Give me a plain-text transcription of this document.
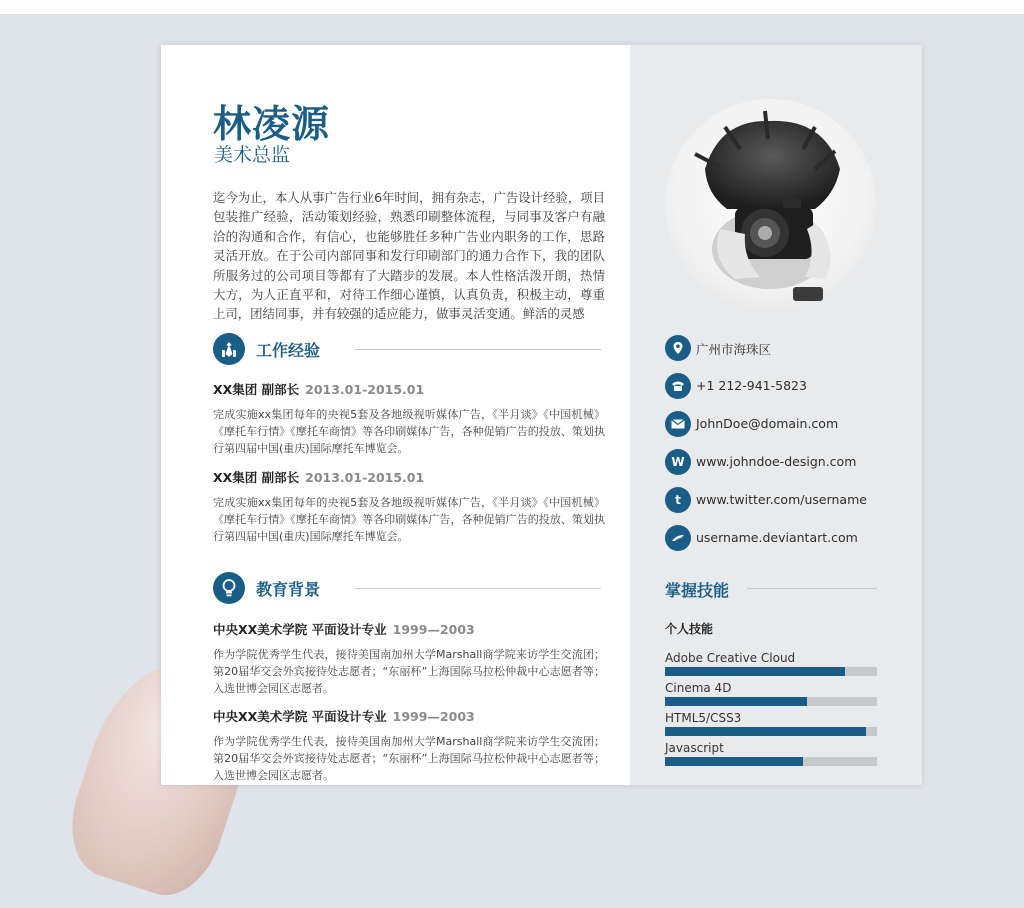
林凌源
美术总监
迄今为止，本人从事广告行业6年时间，拥有杂志，广告设计经验，项目包装推广经验，活动策划经验，熟悉印刷整体流程，与同事及客户有融洽的沟通和合作，有信心，也能够胜任多种广告业内职务的工作，思路灵活开放。在于公司内部同事和发行印刷部门的通力合作下，我的团队所服务过的公司项目等都有了大踏步的发展。本人性格活泼开朗，热情大方，为人正直平和，对待工作细心谨慎，认真负责，积极主动，尊重上司，团结同事，并有较强的适应能力，做事灵活变通。鲜活的灵感
工作经验
XX集团 副部长 2013.01-2015.01
完成实施xx集团每年的央视5套及各地级视听媒体广告，《半月谈》《中国机械》《摩托车行情》《摩托车商情》等各印刷媒体广告，各种促销广告的投放、策划执行第四届中国(重庆)国际摩托车博览会。
XX集团 副部长 2013.01-2015.01
完成实施xx集团每年的央视5套及各地级视听媒体广告，《半月谈》《中国机械》《摩托车行情》《摩托车商情》等各印刷媒体广告，各种促销广告的投放、策划执行第四届中国(重庆)国际摩托车博览会。
教育背景
中央XX美术学院 平面设计专业 1999—2003
作为学院优秀学生代表，接待美国南加州大学Marshall商学院来访学生交流团；第20届华交会外宾接待处志愿者；“东丽杯”上海国际马拉松仲裁中心志愿者等；入选世博会园区志愿者。
中央XX美术学院 平面设计专业 1999—2003
作为学院优秀学生代表，接待美国南加州大学Marshall商学院来访学生交流团；第20届华交会外宾接待处志愿者；“东丽杯”上海国际马拉松仲裁中心志愿者等；入选世博会园区志愿者。
广州市海珠区
+1 212-941-5823
JohnDoe@domain.com
W www.johndoe-design.com
t	www.twitter.com/username
username.deviantart.com
掌握技能
个人技能
Adobe Creative Cloud
Cinema 4D
HTML5/CSS3
Javascript
